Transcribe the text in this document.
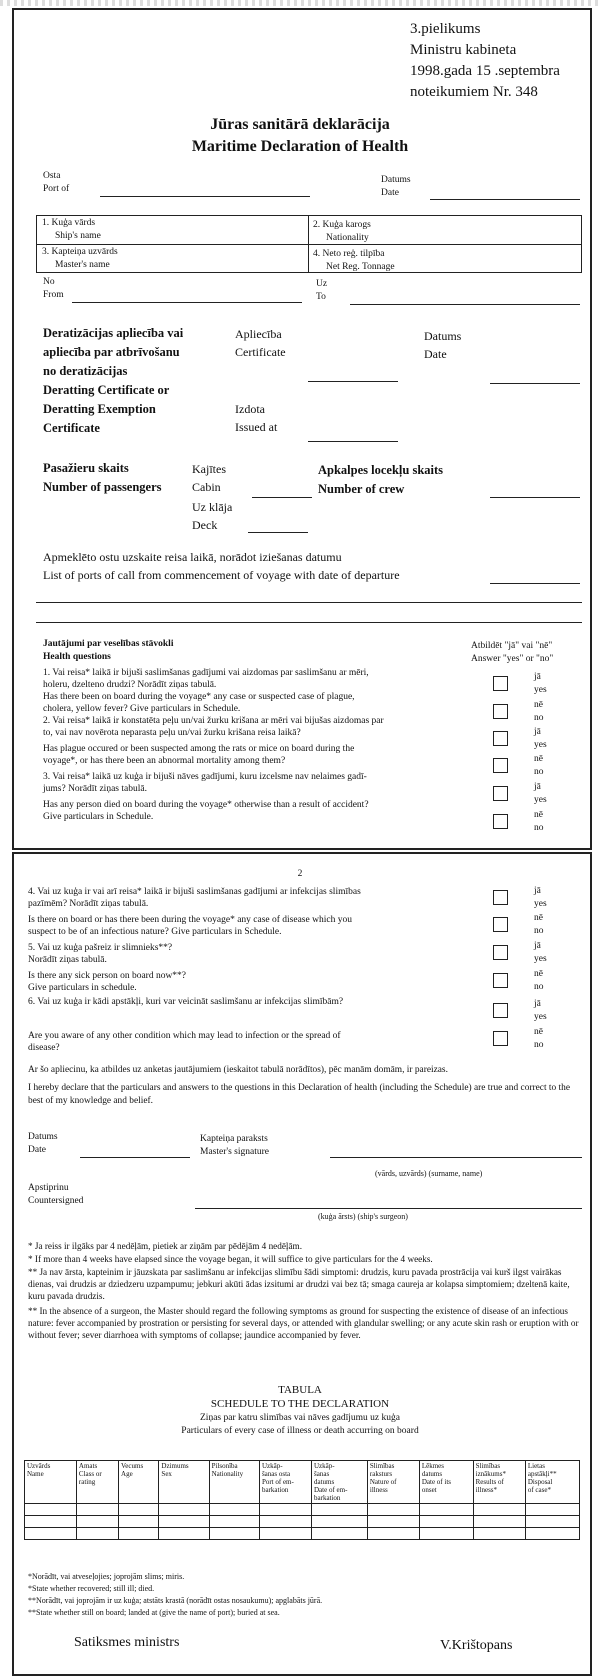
3.pielikums
Ministru kabineta
1998.gada 15 .septembra
noteikumiem Nr. 348
Jūras sanitārā deklarācija
Maritime Declaration of Health
Osta
Port of
Datums
Date
1. Kuģa vārds
Ship's name
2. Kuģa karogs
Nationality
3. Kapteiņa uzvārds
Master's name
4. Neto reģ. tilpība
Net Reg. Tonnage
No
From
Uz
To
Deratizācijas apliecība vai
apliecība par atbrīvošanu
no deratizācijas
Deratting Certificate or
Deratting Exemption
Certificate
Apliecība
Certificate
Datums
Date
Izdota
Issued at
Pasažieru skaits
Number of passengers
Kajītes
Cabin
Uz klāja
Deck
Apkalpes locekļu skaits
Number of crew
Apmeklēto ostu uzskaite reisa laikā, norādot iziešanas datumu
List of ports of call from commencement of voyage with date of departure
Jautājumi par veselības stāvokli
Health questions
Atbildēt "jā" vai "nē"
Answer "yes" or "no"
1. Vai reisa* laikā ir bijuši saslimšanas gadījumi vai aizdomas par saslimšanu ar mēri,
holeru, dzelteno drudzi? Norādīt ziņas tabulā.
Has there been on board during the voyage* any case or suspected case of plague,
cholera, yellow fever? Give particulars in Schedule.
2. Vai reisa* laikā ir konstatēta peļu un/vai žurku krišana ar mēri vai bijušas aizdomas par
to, vai nav novērota neparasta peļu un/vai žurku krišana reisa laikā?
Has plague occured or been suspected among the rats or mice on board during the
voyage*, or has there been an abnormal mortality among them?
3. Vai reisa* laikā uz kuģa ir bijuši nāves gadījumi, kuru izcelsme nav nelaimes gadī-
jums? Norādīt ziņas tabulā.
Has any person died on board during the voyage* otherwise than a result of accident?
Give particulars in Schedule.
jā
yes
nē
no
jā
yes
nē
no
jā
yes
nē
no
2
4. Vai uz kuģa ir vai arī reisa* laikā ir bijuši saslimšanas gadījumi ar infekcijas slimības
pazīmēm? Norādīt ziņas tabulā.
Is there on board or has there been during the voyage* any case of disease which you
suspect to be of an infectious nature? Give particulars in Schedule.
5. Vai uz kuģa pašreiz ir slimnieks**?
Norādīt ziņas tabulā.
Is there any sick person on board now**?
Give particulars in schedule.
6. Vai uz kuģa ir kādi apstākļi, kuri var veicināt saslimšanu ar infekcijas slimībām?
Are you aware of any other condition which may lead to infection or the spread of
disease?
jā
yes
nē
no
jā
yes
nē
no
jā
yes
nē
no
Ar šo apliecinu, ka atbildes uz anketas jautājumiem (ieskaitot tabulā norādītos), pēc manām domām, ir pareizas.
I hereby declare that the particulars and answers to the questions in this Declaration of health (including the Schedule) are true and correct to the best of my knowledge and belief.
Datums
Date
Kapteiņa paraksts
Master's signature
(vārds, uzvārds) (surname, name)
Apstiprinu
Countersigned
(kuģa ārsts) (ship's surgeon)
* Ja reiss ir ilgāks par 4 nedēļām, pietiek ar ziņām par pēdējām 4 nedēļām.
* If more than 4 weeks have elapsed since the voyage began, it will suffice to give particulars for the 4 weeks.
** Ja nav ārsta, kapteinim ir jāuzskata par saslimšanu ar infekcijas slimību šādi simptomi: drudzis, kuru pavada prostrācija vai kurš ilgst vairākas dienas, vai drudzis ar dziedzeru uzpampumu; jebkuri akūti ādas izsitumi ar drudzi vai bez tā; smaga caureja ar kolapsa simptomiem; dzeltenā kaite, kuru pavada drudzis.
** In the absence of a surgeon, the Master should regard the following symptoms as ground for suspecting the existence of disease of an infectious nature: fever accompanied by prostration or persisting for several days, or attended with glandular swelling; or any acute skin rash or eruption with or without fever; sever diarrhoea with symptoms of collapse; jaundice accompanied by fever.
TABULA
SCHEDULE TO THE DECLARATION
Ziņas par katru slimības vai nāves gadījumu uz kuģa
Particulars of every case of illness or death accurring on board
Uzvārds
Name	Amats
Class or
rating	Vecums
Age	Dzimums
Sex	Pilsonība
Nationality	Uzkāp-
šanas osta
Port of em-
barkation	Uzkāp-
šanas
datums
Date of em-
barkation	Slimības
raksturs
Nature of
illness	Lēkmes
datums
Date of its
onset	Slimības
iznākums*
Results of
illness*	Lietas
apstākļi**
Disposal
of case*

*Norādīt, vai atveseļojies; joprojām slims; miris.
*State whether recovered; still ill; died.
**Norādīt, vai joprojām ir uz kuģa; atstāts krastā (norādīt ostas nosaukumu); apglabāts jūrā.
**State whether still on board; landed at (give the name of port); buried at sea.
Satiksmes ministrs	V.Krištopans
